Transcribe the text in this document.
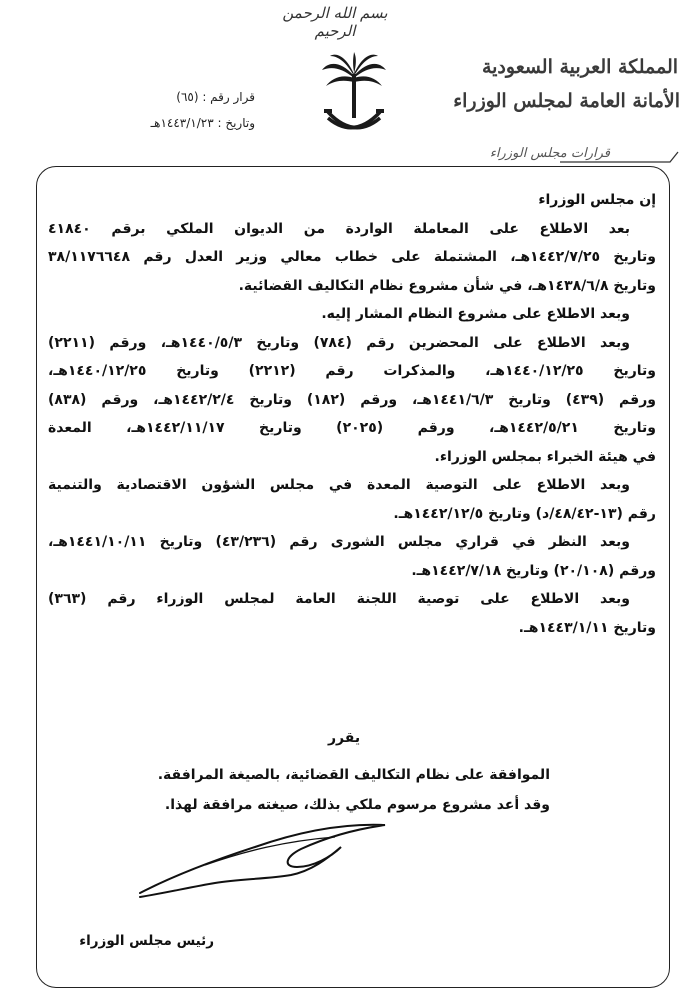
بسم الله الرحمن الرحيم
قرار رقم : (٦٥)
وتاريخ : ١٤٤٣/١/٢٣هـ
المملكة العربية السعودية
الأمانة العامة لمجلس الوزراء
قرارات مجلس الوزراء
إن مجلس الوزراء
بعد الاطلاع على المعاملة الواردة من الديوان الملكي برقم ٤١٨٤٠
وتاريخ ١٤٤٢/٧/٢٥هـ، المشتملة على خطاب معالي وزير العدل رقم ٣٨/١١٧٦٦٤٨
وتاريخ ١٤٣٨/٦/٨هـ، في شأن مشروع نظام التكاليف القضائية.
وبعد الاطلاع على مشروع النظام المشار إليه.
وبعد الاطلاع على المحضرين رقم (٧٨٤) وتاريخ ١٤٤٠/٥/٣هـ، ورقم (٢٢١١)
وتاريخ ١٤٤٠/١٢/٢٥هـ، والمذكرات رقم (٢٢١٢) وتاريخ ١٤٤٠/١٢/٢٥هـ،
ورقم (٤٣٩) وتاريخ ١٤٤١/٦/٣هـ، ورقم (١٨٢) وتاريخ ١٤٤٢/٢/٤هـ، ورقم (٨٣٨)
وتاريخ ١٤٤٢/٥/٢١هـ، ورقم (٢٠٢٥) وتاريخ ١٤٤٢/١١/١٧هـ، المعدة
في هيئة الخبراء بمجلس الوزراء.
وبعد الاطلاع على التوصية المعدة في مجلس الشؤون الاقتصادية والتنمية
رقم (١٣-٤٨/٤٢/د) وتاريخ ١٤٤٢/١٢/٥هـ.
وبعد النظر في قراري مجلس الشورى رقم (٤٣/٢٣٦) وتاريخ ١٤٤١/١٠/١١هـ،
ورقم (٢٠/١٠٨) وتاريخ ١٤٤٢/٧/١٨هـ.
وبعد الاطلاع على توصية اللجنة العامة لمجلس الوزراء رقم (٣٦٣)
وتاريخ ١٤٤٣/١/١١هـ.
يقرر
الموافقة على نظام التكاليف القضائية، بالصيغة المرافقة.
وقد أعد مشروع مرسوم ملكي بذلك، صيغته مرافقة لهذا.
رئيس مجلس الوزراء
